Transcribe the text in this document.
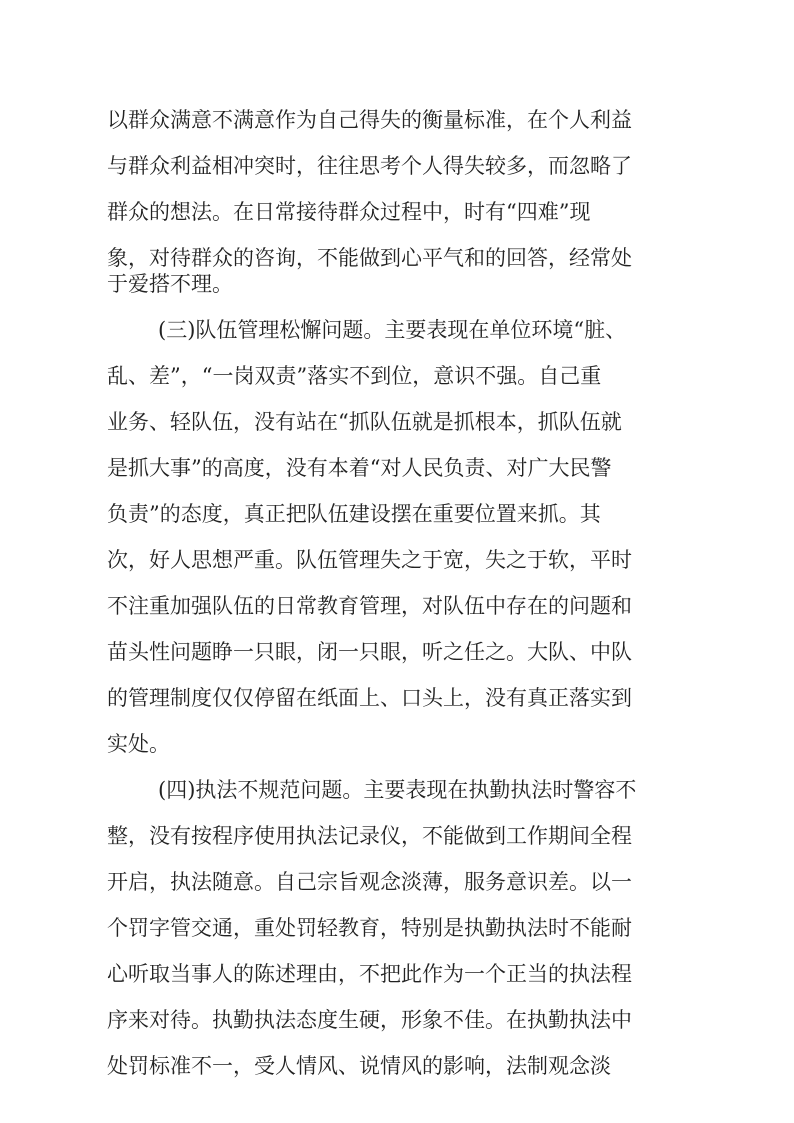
以群众满意不满意作为自己得失的衡量标准，在个人利益
与群众利益相冲突时，往往思考个人得失较多，而忽略了
群众的想法。在日常接待群众过程中，时有“四难”现
象，对待群众的咨询，不能做到心平气和的回答，经常处
于爱搭不理。
(三)队伍管理松懈问题。主要表现在单位环境“脏、
乱、差”，“一岗双责”落实不到位，意识不强。自己重
业务、轻队伍，没有站在“抓队伍就是抓根本，抓队伍就
是抓大事”的高度，没有本着“对人民负责、对广大民警
负责”的态度，真正把队伍建设摆在重要位置来抓。其
次，好人思想严重。队伍管理失之于宽，失之于软，平时
不注重加强队伍的日常教育管理，对队伍中存在的问题和
苗头性问题睁一只眼，闭一只眼，听之任之。大队、中队
的管理制度仅仅停留在纸面上、口头上，没有真正落实到
实处。
(四)执法不规范问题。主要表现在执勤执法时警容不
整，没有按程序使用执法记录仪，不能做到工作期间全程
开启，执法随意。自己宗旨观念淡薄，服务意识差。以一
个罚字管交通，重处罚轻教育，特别是执勤执法时不能耐
心听取当事人的陈述理由，不把此作为一个正当的执法程
序来对待。执勤执法态度生硬，形象不佳。在执勤执法中
处罚标准不一，受人情风、说情风的影响，法制观念淡
